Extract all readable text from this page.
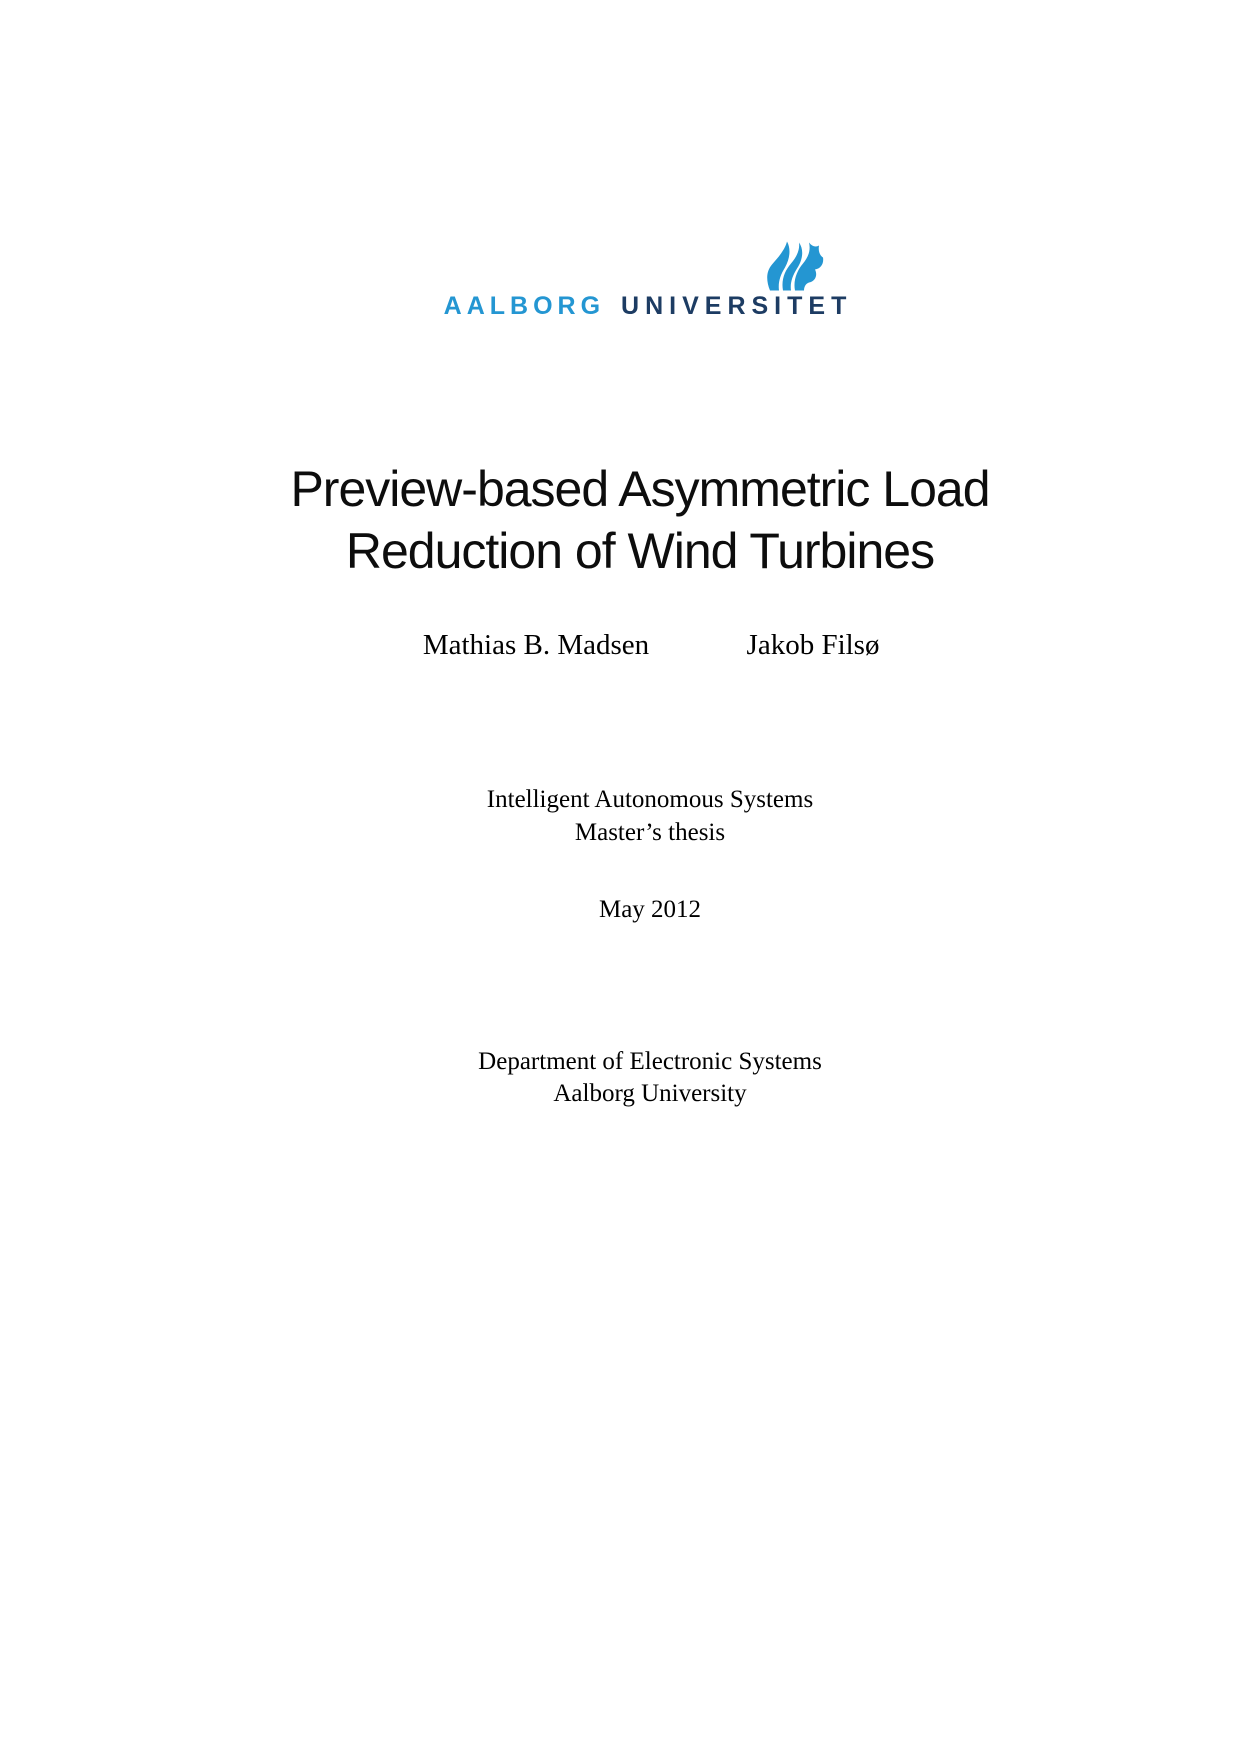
AALBORG UNIVERSITET
Preview-based Asymmetric Load
Reduction of Wind Turbines
Mathias B. Madsen	Jakob Filsø
Intelligent Autonomous Systems
Master’s thesis
May 2012
Department of Electronic Systems
Aalborg University
